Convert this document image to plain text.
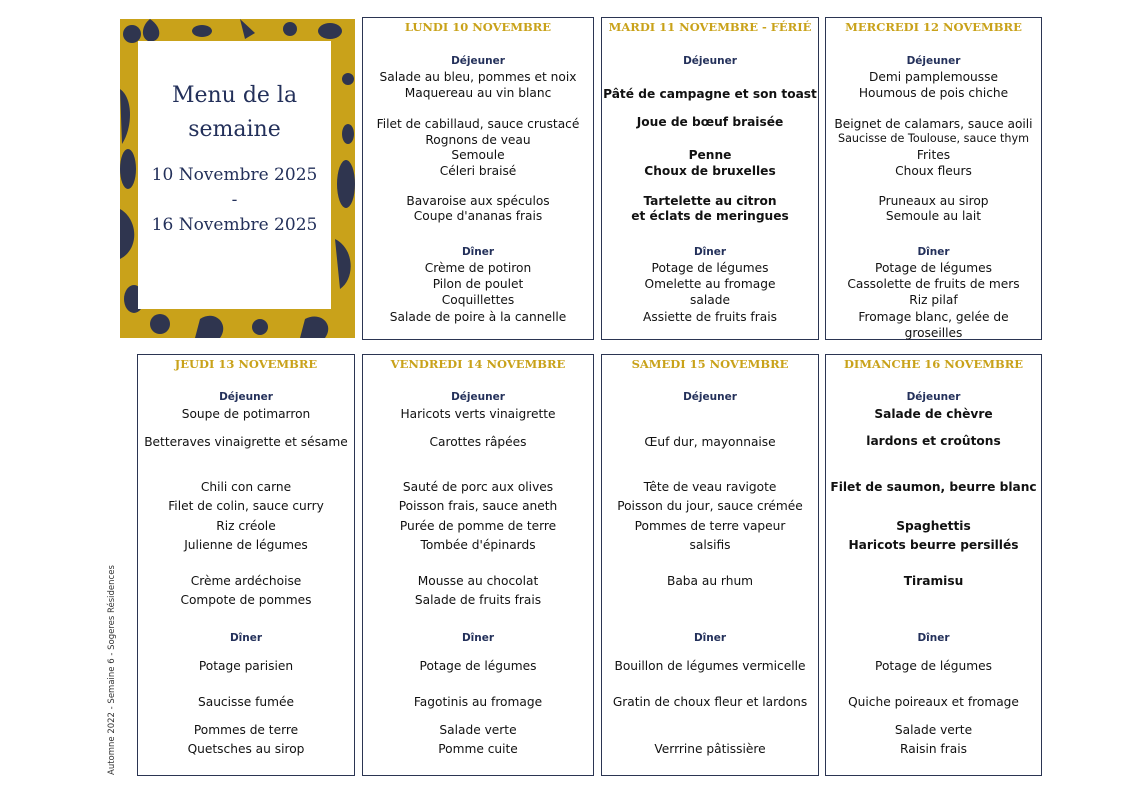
Menu de la
semaine
10 Novembre 2025
-
16 Novembre 2025
Automne 2022 - Semaine 6 - Sogeres Résidences
LUNDI 10 NOVEMBRE
Déjeuner
Salade au bleu, pommes et noix
Maquereau au vin blanc
Filet de cabillaud, sauce crustacé
Rognons de veau
Semoule
Céleri braisé
Bavaroise aux spéculos
Coupe d'ananas frais
Dîner
Crème de potiron
Pilon de poulet
Coquillettes
Salade de poire à la cannelle
MARDI 11 NOVEMBRE - FÉRIÉ
Déjeuner
Pâté de campagne et son toast
Joue de bœuf braisée
Penne
Choux de bruxelles
Tartelette au citron
et éclats de meringues
Dîner
Potage de légumes
Omelette au fromage
salade
Assiette de fruits frais
MERCREDI 12 NOVEMBRE
Déjeuner
Demi pamplemousse
Houmous de pois chiche
Beignet de calamars, sauce aoili
Saucisse de Toulouse, sauce thym
Frites
Choux fleurs
Pruneaux au sirop
Semoule au lait
Dîner
Potage de légumes
Cassolette de fruits de mers
Riz pilaf
Fromage blanc, gelée de
groseilles
JEUDI 13 NOVEMBRE
Déjeuner
Soupe de potimarron
Betteraves vinaigrette et sésame
Chili con carne
Filet de colin, sauce curry
Riz créole
Julienne de légumes
Crème ardéchoise
Compote de pommes
Dîner
Potage parisien
Saucisse fumée
Pommes de terre
Quetsches au sirop
VENDREDI 14 NOVEMBRE
Déjeuner
Haricots verts vinaigrette
Carottes râpées
Sauté de porc aux olives
Poisson frais, sauce aneth
Purée de pomme de terre
Tombée d'épinards
Mousse au chocolat
Salade de fruits frais
Dîner
Potage de légumes
Fagotinis au fromage
Salade verte
Pomme cuite
SAMEDI 15 NOVEMBRE
Déjeuner
Œuf dur, mayonnaise
Tête de veau ravigote
Poisson du jour, sauce crémée
Pommes de terre vapeur
salsifis
Baba au rhum
Dîner
Bouillon de légumes vermicelle
Gratin de choux fleur et lardons
Verrrine pâtissière
DIMANCHE 16 NOVEMBRE
Déjeuner
Salade de chèvre
lardons et croûtons
Filet de saumon, beurre blanc
Spaghettis
Haricots beurre persillés
Tiramisu
Dîner
Potage de légumes
Quiche poireaux et fromage
Salade verte
Raisin frais
